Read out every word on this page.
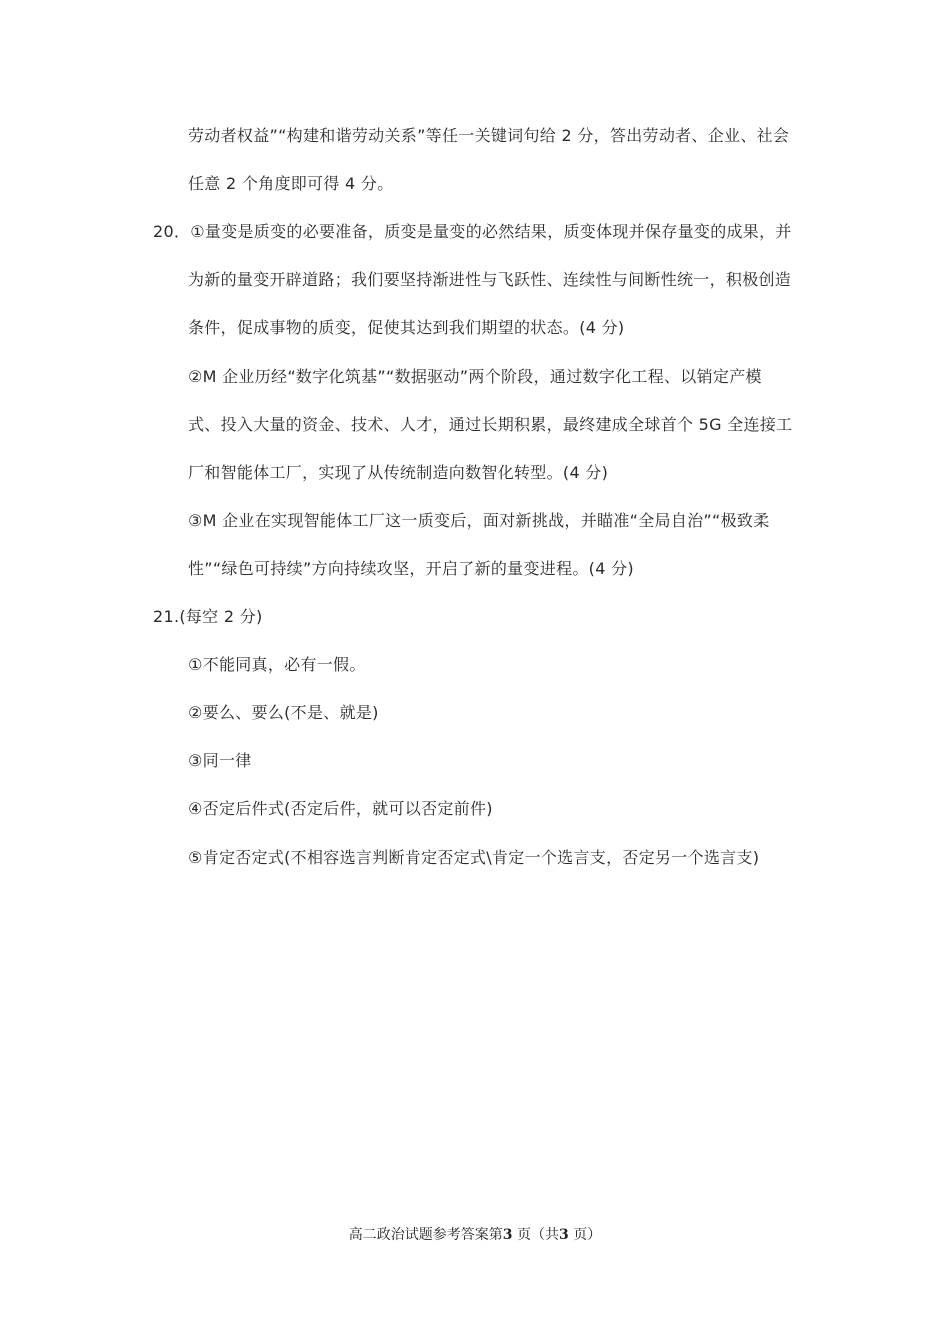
劳动者权益”“构建和谐劳动关系”等任一关键词句给 2 分，答出劳动者、企业、社会
任意 2 个角度即可得 4 分。
20．①量变是质变的必要准备，质变是量变的必然结果，质变体现并保存量变的成果，并
为新的量变开辟道路；我们要坚持渐进性与飞跃性、连续性与间断性统一，积极创造
条件，促成事物的质变，促使其达到我们期望的状态。(4 分)
②M 企业历经“数字化筑基”“数据驱动”两个阶段，通过数字化工程、以销定产模
式、投入大量的资金、技术、人才，通过长期积累，最终建成全球首个 5G 全连接工
厂和智能体工厂，实现了从传统制造向数智化转型。(4 分)
③M 企业在实现智能体工厂这一质变后，面对新挑战，并瞄准“全局自治”“极致柔
性”“绿色可持续”方向持续攻坚，开启了新的量变进程。(4 分)
21.(每空 2 分)
①不能同真，必有一假。
②要么、要么(不是、就是)
③同一律
④否定后件式(否定后件，就可以否定前件)
⑤肯定否定式(不相容选言判断肯定否定式\肯定一个选言支，否定另一个选言支)
高二政治试题参考答案第3 页（共3 页）
